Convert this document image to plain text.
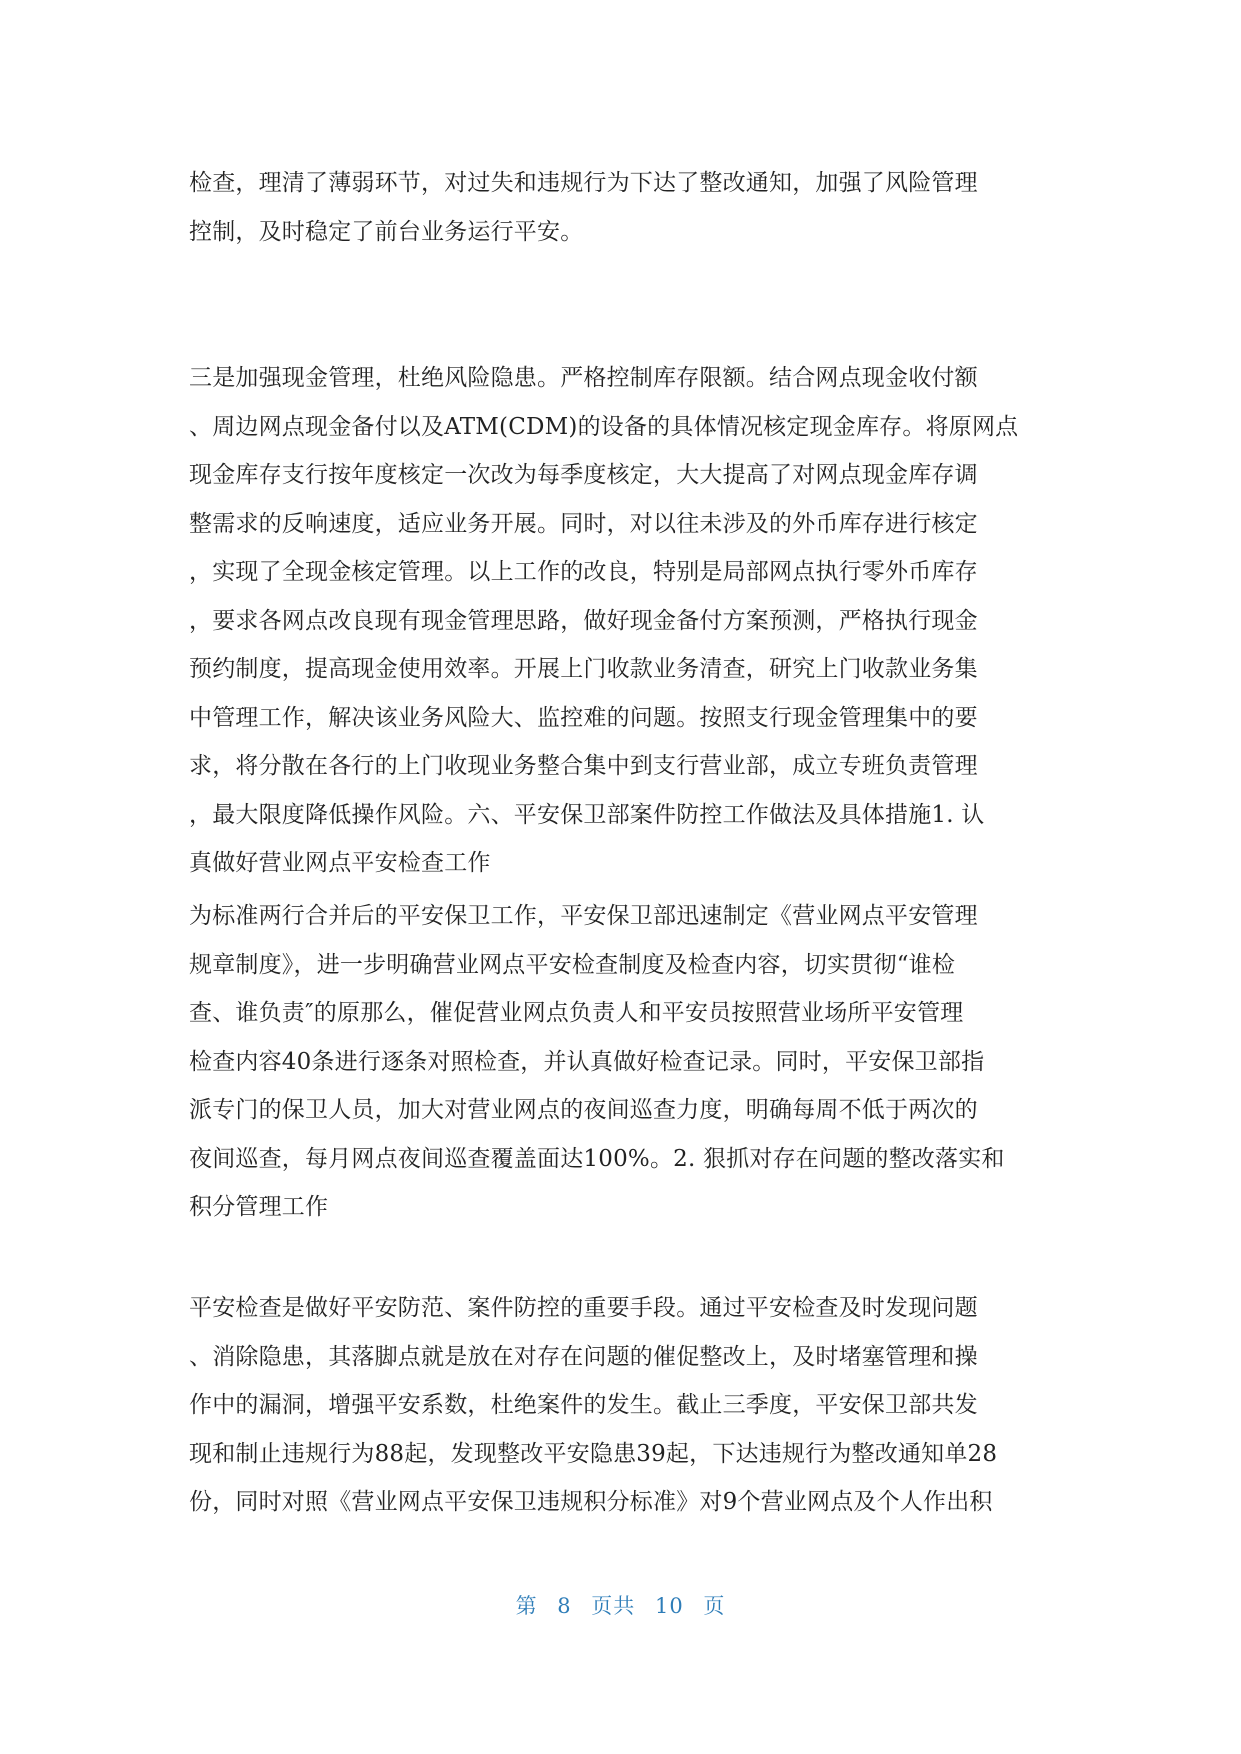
检查，理清了薄弱环节，对过失和违规行为下达了整改通知，加强了风险管理
控制，及时稳定了前台业务运行平安。
三是加强现金管理，杜绝风险隐患。严格控制库存限额。结合网点现金收付额
、周边网点现金备付以及ATM(CDM)的设备的具体情况核定现金库存。将原网点
现金库存支行按年度核定一次改为每季度核定，大大提高了对网点现金库存调
整需求的反响速度，适应业务开展。同时，对以往未涉及的外币库存进行核定
，实现了全现金核定管理。以上工作的改良，特别是局部网点执行零外币库存
，要求各网点改良现有现金管理思路，做好现金备付方案预测，严格执行现金
预约制度，提高现金使用效率。开展上门收款业务清查，研究上门收款业务集
中管理工作，解决该业务风险大、监控难的问题。按照支行现金管理集中的要
求，将分散在各行的上门收现业务整合集中到支行营业部，成立专班负责管理
，最大限度降低操作风险。六、平安保卫部案件防控工作做法及具体措施1. 认
真做好营业网点平安检查工作
为标准两行合并后的平安保卫工作，平安保卫部迅速制定《营业网点平安管理
规章制度》，进一步明确营业网点平安检查制度及检查内容，切实贯彻“谁检
查、谁负责″的原那么，催促营业网点负责人和平安员按照营业场所平安管理
检查内容40条进行逐条对照检查，并认真做好检查记录。同时，平安保卫部指
派专门的保卫人员，加大对营业网点的夜间巡查力度，明确每周不低于两次的
夜间巡查，每月网点夜间巡查覆盖面达100%。2. 狠抓对存在问题的整改落实和
积分管理工作
平安检查是做好平安防范、案件防控的重要手段。通过平安检查及时发现问题
、消除隐患，其落脚点就是放在对存在问题的催促整改上，及时堵塞管理和操
作中的漏洞，增强平安系数，杜绝案件的发生。截止三季度，平安保卫部共发
现和制止违规行为88起，发现整改平安隐患39起，下达违规行为整改通知单28
份，同时对照《营业网点平安保卫违规积分标准》对9个营业网点及个人作出积
第 8 页共 10 页
